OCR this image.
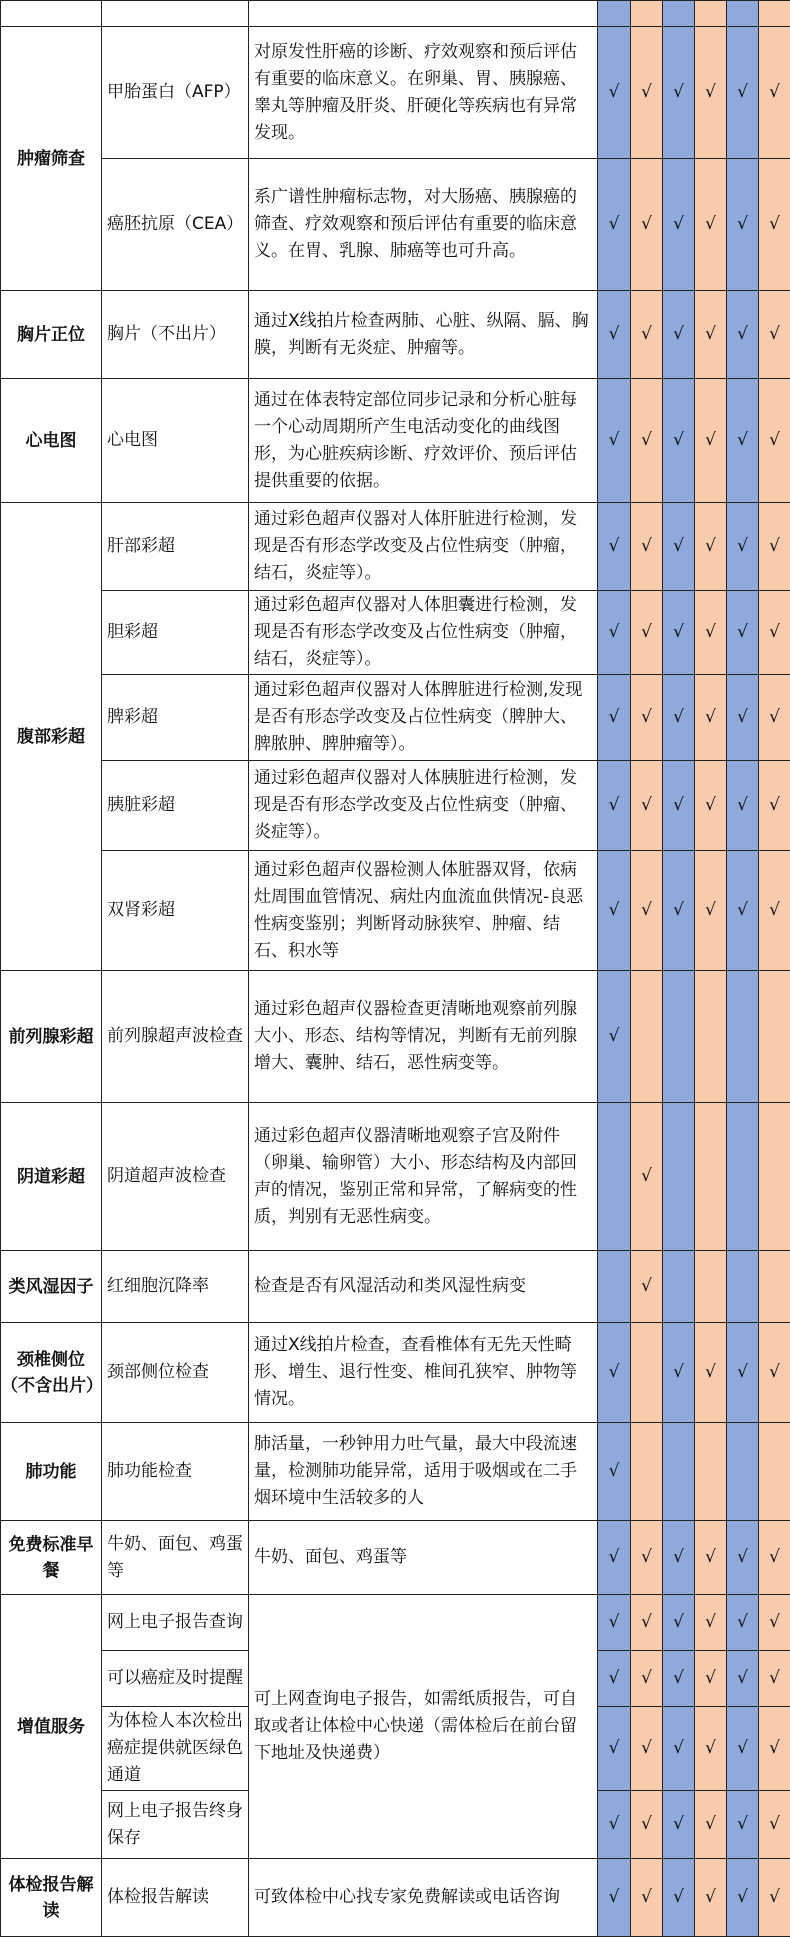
肿瘤筛查	甲胎蛋白（AFP）	对原发性肝癌的诊断、疗效观察和预后评估有重要的临床意义。在卵巢、胃、胰腺癌、睾丸等肿瘤及肝炎、肝硬化等疾病也有异常发现。	√	√	√	√	√	√
	癌胚抗原（CEA）	系广谱性肿瘤标志物，对大肠癌、胰腺癌的筛查、疗效观察和预后评估有重要的临床意义。在胃、乳腺、肺癌等也可升高。	√	√	√	√	√	√
胸片正位	胸片（不出片）	通过X线拍片检查两肺、心脏、纵隔、膈、胸膜，判断有无炎症、肿瘤等。	√	√	√	√	√	√
心电图	心电图	通过在体表特定部位同步记录和分析心脏每一个心动周期所产生电活动变化的曲线图形，为心脏疾病诊断、疗效评价、预后评估提供重要的依据。	√	√	√	√	√	√
腹部彩超	肝部彩超	通过彩色超声仪器对人体肝脏进行检测，发现是否有形态学改变及占位性病变（肿瘤，结石，炎症等）。	√	√	√	√	√	√
	胆彩超	通过彩色超声仪器对人体胆囊进行检测，发现是否有形态学改变及占位性病变（肿瘤，结石，炎症等）。	√	√	√	√	√	√
	脾彩超	通过彩色超声仪器对人体脾脏进行检测,发现是否有形态学改变及占位性病变（脾肿大、脾脓肿、脾肿瘤等）。	√	√	√	√	√	√
	胰脏彩超	通过彩色超声仪器对人体胰脏进行检测，发现是否有形态学改变及占位性病变（肿瘤、炎症等）。	√	√	√	√	√	√
	双肾彩超	通过彩色超声仪器检测人体脏器双肾，依病灶周围血管情况、病灶内血流血供情况-良恶性病变鉴别；判断肾动脉狭窄、肿瘤、结石、积水等	√	√	√	√	√	√
前列腺彩超	前列腺超声波检查	通过彩色超声仪器检查更清晰地观察前列腺大小、形态、结构等情况，判断有无前列腺增大、囊肿、结石，恶性病变等。	√					
阴道彩超	阴道超声波检查	通过彩色超声仪器清晰地观察子宫及附件（卵巢、输卵管）大小、形态结构及内部回声的情况，鉴别正常和异常，了解病变的性质，判别有无恶性病变。		√				
类风湿因子	红细胞沉降率	检查是否有风湿活动和类风湿性病变		√				
颈椎侧位（不含出片）	颈部侧位检查	通过X线拍片检查，查看椎体有无先天性畸形、增生、退行性变、椎间孔狭窄、肿物等情况。	√		√	√	√	√
肺功能	肺功能检查	肺活量，一秒钟用力吐气量，最大中段流速量，检测肺功能异常，适用于吸烟或在二手烟环境中生活较多的人	√					
免费标准早餐	牛奶、面包、鸡蛋等	牛奶、面包、鸡蛋等	√	√	√	√	√	√
增值服务	网上电子报告查询	可上网查询电子报告，如需纸质报告，可自取或者让体检中心快递（需体检后在前台留下地址及快递费）	√	√	√	√	√	√
	可以癌症及时提醒		√	√	√	√	√	√
	为体检人本次检出癌症提供就医绿色通道		√	√	√	√	√	√
	网上电子报告终身保存		√	√	√	√	√	√
体检报告解读	体检报告解读	可致体检中心找专家免费解读或电话咨询	√	√	√	√	√	√
